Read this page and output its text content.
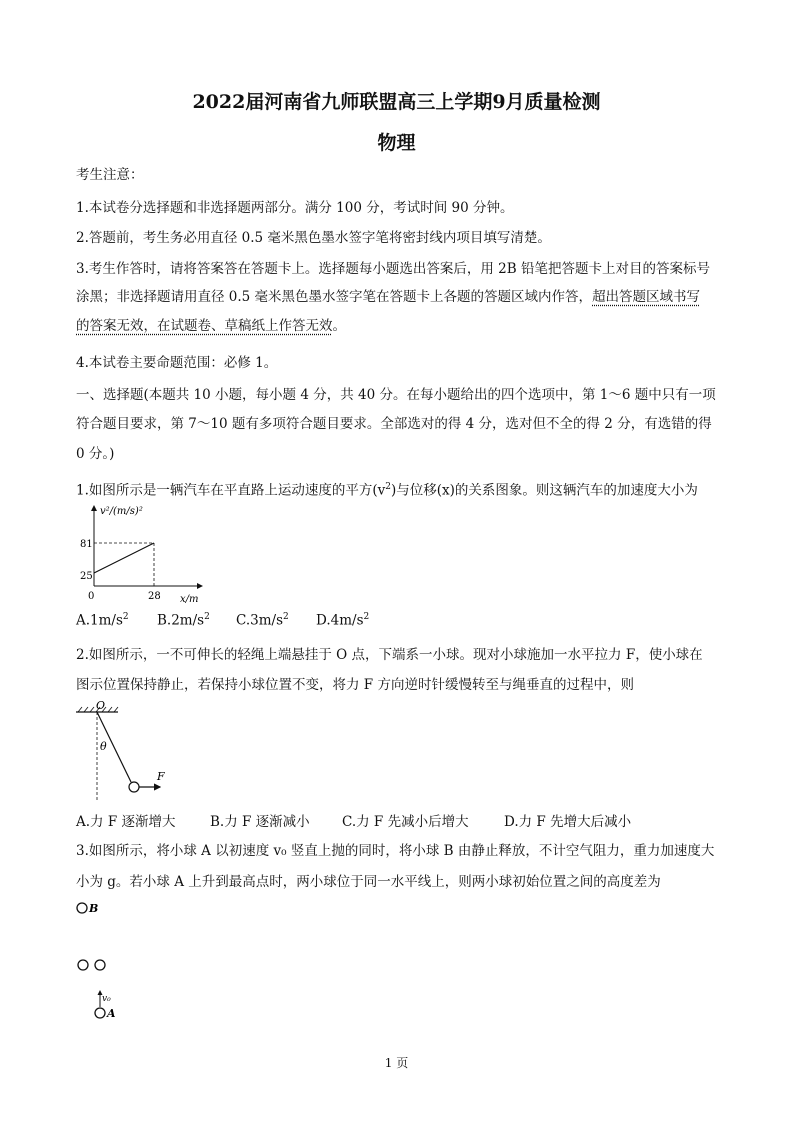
2022届河南省九师联盟高三上学期9月质量检测
物理
考生注意：
1.本试卷分选择题和非选择题两部分。满分 100 分，考试时间 90 分钟。
2.答题前，考生务必用直径 0.5 毫米黑色墨水签字笔将密封线内项目填写清楚。
3.考生作答时，请将答案答在答题卡上。选择题每小题选出答案后，用 2B 铅笔把答题卡上对目的答案标号
涂黑；非选择题请用直径 0.5 毫米黑色墨水签字笔在答题卡上各题的答题区域内作答，超出答题区域书写
的答案无效，在试题卷、草稿纸上作答无效。
4.本试卷主要命题范围：必修 1。
一、选择题(本题共 10 小题，每小题 4 分，共 40 分。在每小题给出的四个选项中，第 1～6 题中只有一项
符合题目要求，第 7～10 题有多项符合题目要求。全部选对的得 4 分，选对但不全的得 2 分，有选错的得
0 分。)
1.如图所示是一辆汽车在平直路上运动速度的平方$(v^2)$与位移(x)的关系图象。则这辆汽车的加速度大小为
v²/(m/s)²
x/m
81
25
0	28
$A.1m/s^2$ $B.2m/s^2$ $C.3m/s^2$ $D.4m/s^2$
2.如图所示，一不可伸长的轻绳上端悬挂于 O 点，下端系一小球。现对小球施加一水平拉力 F，使小球在
图示位置保持静止，若保持小球位置不变，将力 F 方向逆时针缓慢转至与绳垂直的过程中，则
O
θ
F
A.力 F 逐渐增大	B.力 F 逐渐减小 C.力 F 先减小后增大	D.力 F 先增大后减小
3.如图所示，将小球 A 以初速度 v₀ 竖直上抛的同时，将小球 B 由静止释放，不计空气阻力，重力加速度大
小为 g。若小球 A 上升到最高点时，两小球位于同一水平线上，则两小球初始位置之间的高度差为
B
v₀
A
1 页
